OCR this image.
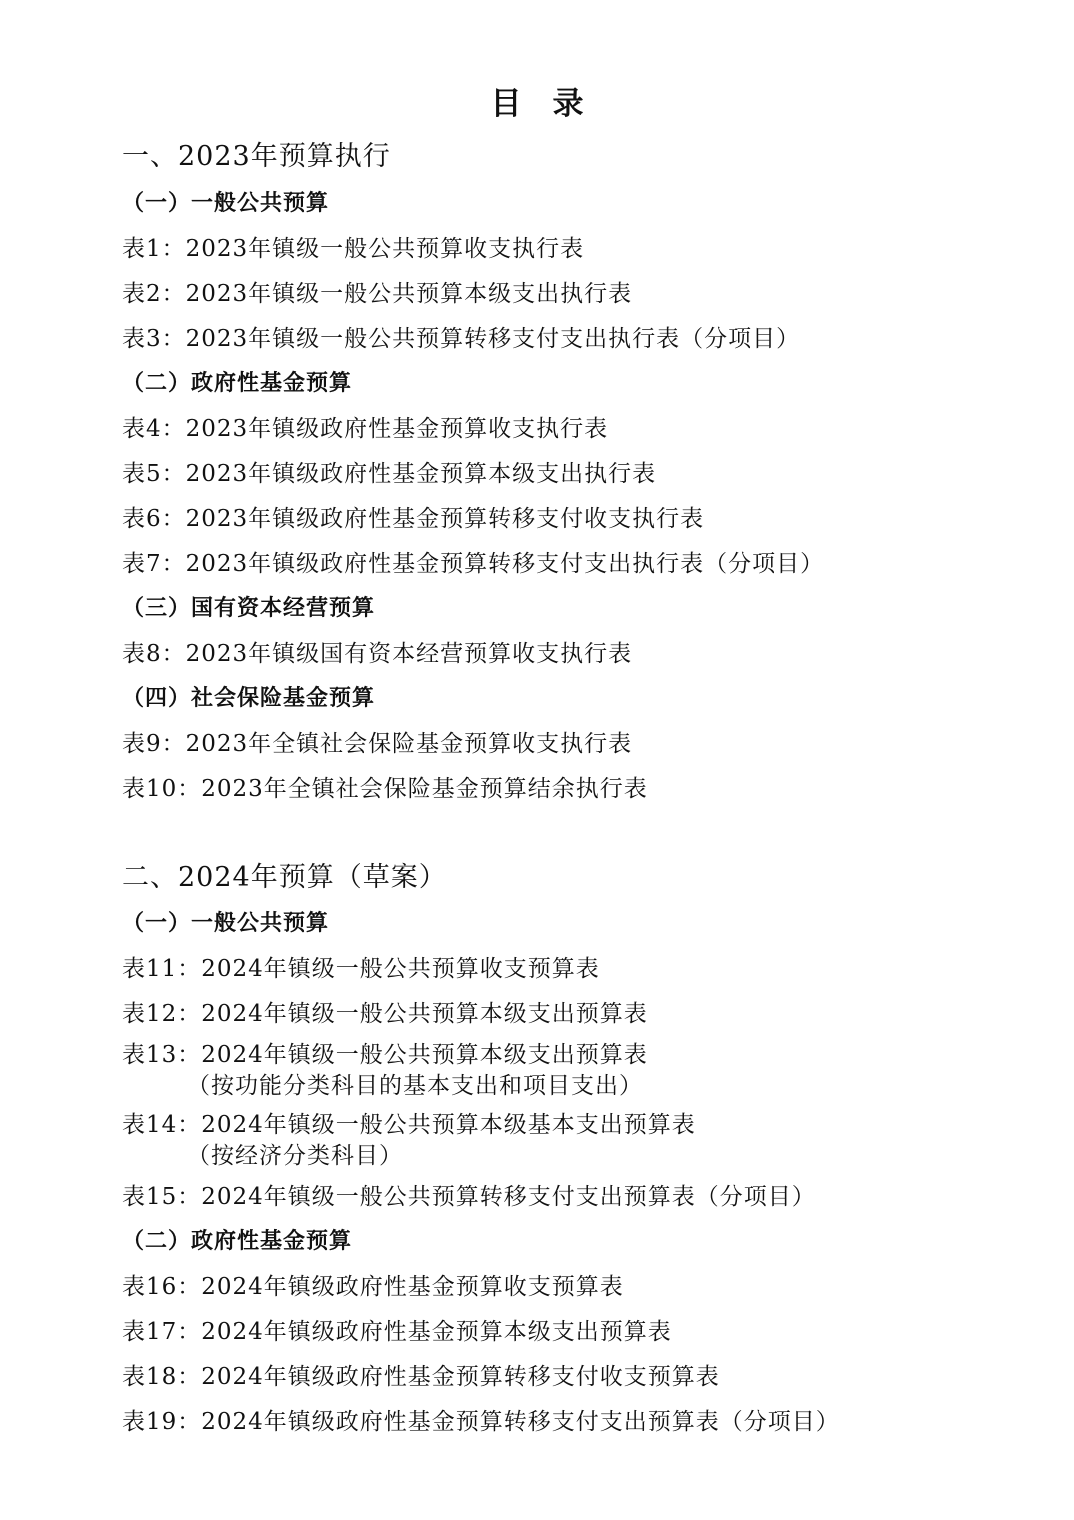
目　录
一、2023年预算执行
（一）一般公共预算
表1：2023年镇级一般公共预算收支执行表
表2：2023年镇级一般公共预算本级支出执行表
表3：2023年镇级一般公共预算转移支付支出执行表（分项目）
（二）政府性基金预算
表4：2023年镇级政府性基金预算收支执行表
表5：2023年镇级政府性基金预算本级支出执行表
表6：2023年镇级政府性基金预算转移支付收支执行表
表7：2023年镇级政府性基金预算转移支付支出执行表（分项目）
（三）国有资本经营预算
表8：2023年镇级国有资本经营预算收支执行表
（四）社会保险基金预算
表9：2023年全镇社会保险基金预算收支执行表
表10：2023年全镇社会保险基金预算结余执行表
二、2024年预算（草案）
（一）一般公共预算
表11：2024年镇级一般公共预算收支预算表
表12：2024年镇级一般公共预算本级支出预算表
表13：2024年镇级一般公共预算本级支出预算表
（按功能分类科目的基本支出和项目支出）
表14：2024年镇级一般公共预算本级基本支出预算表
（按经济分类科目）
表15：2024年镇级一般公共预算转移支付支出预算表（分项目）
（二）政府性基金预算
表16：2024年镇级政府性基金预算收支预算表
表17：2024年镇级政府性基金预算本级支出预算表
表18：2024年镇级政府性基金预算转移支付收支预算表
表19：2024年镇级政府性基金预算转移支付支出预算表（分项目）
